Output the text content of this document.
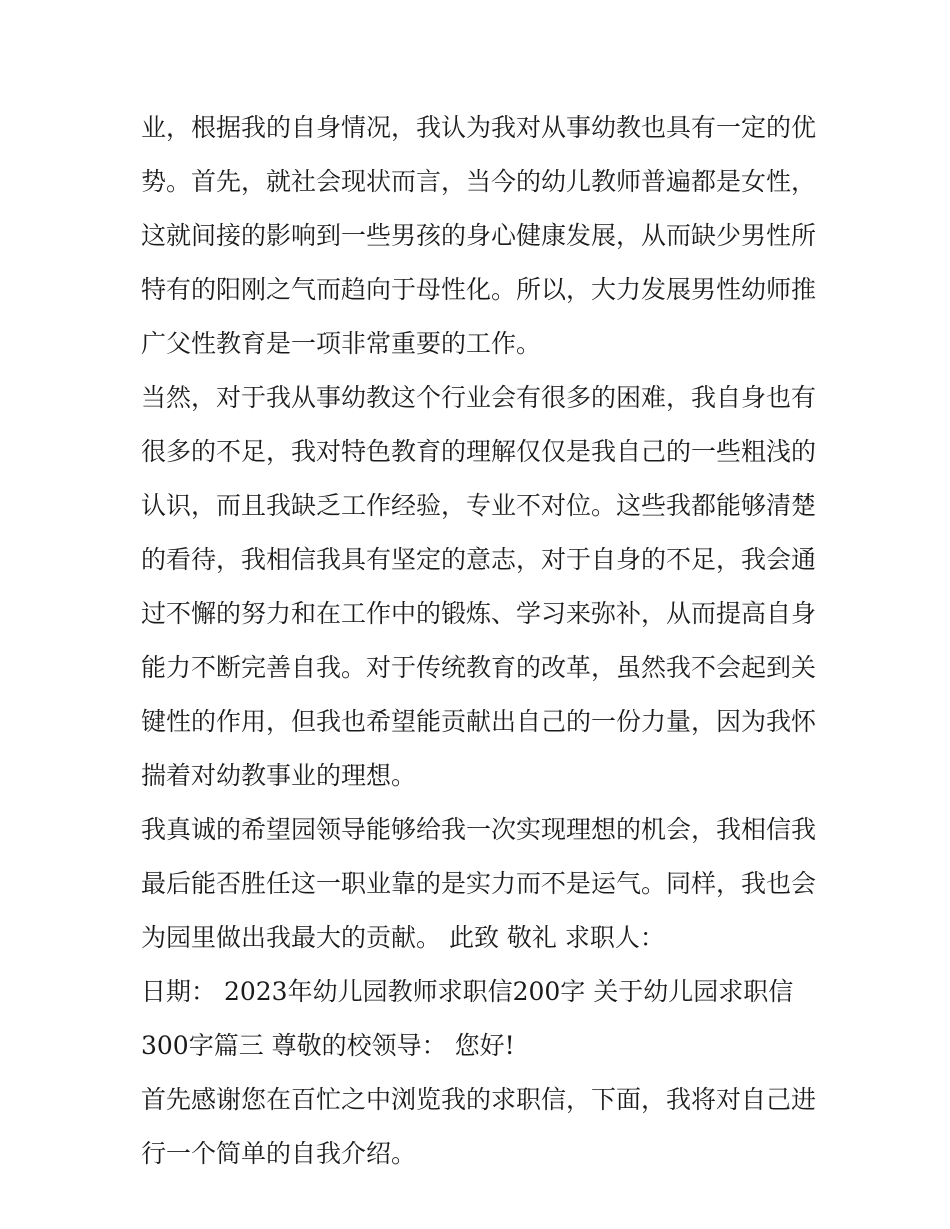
业，根据我的自身情况，我认为我对从事幼教也具有一定的优
势。首先，就社会现状而言，当今的幼儿教师普遍都是女性，
这就间接的影响到一些男孩的身心健康发展，从而缺少男性所
特有的阳刚之气而趋向于母性化。所以，大力发展男性幼师推
广父性教育是一项非常重要的工作。
当然，对于我从事幼教这个行业会有很多的困难，我自身也有
很多的不足，我对特色教育的理解仅仅是我自己的一些粗浅的
认识，而且我缺乏工作经验，专业不对位。这些我都能够清楚
的看待，我相信我具有坚定的意志，对于自身的不足，我会通
过不懈的努力和在工作中的锻炼、学习来弥补，从而提高自身
能力不断完善自我。对于传统教育的改革，虽然我不会起到关
键性的作用，但我也希望能贡献出自己的一份力量，因为我怀
揣着对幼教事业的理想。
我真诚的希望园领导能够给我一次实现理想的机会，我相信我
最后能否胜任这一职业靠的是实力而不是运气。同样，我也会
为园里做出我最大的贡献。 此致 敬礼 求职人：
日期： 2023年幼儿园教师求职信200字 关于幼儿园求职信
300字篇三 尊敬的校领导： 您好!
首先感谢您在百忙之中浏览我的求职信，下面，我将对自己进
行一个简单的自我介绍。
